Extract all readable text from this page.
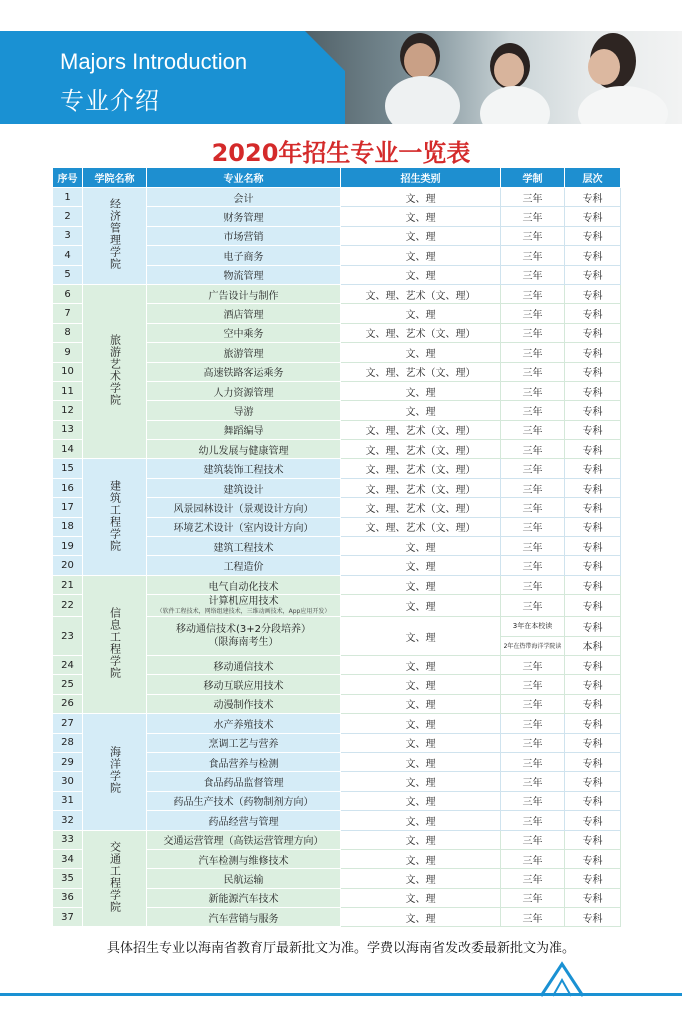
Majors Introduction
专业介绍
2020年招生专业一览表
序号	学院名称	专业名称	招生类别	学制	层次
1	经济管理学院	会计	文、理	三年	专科
2		财务管理	文、理	三年	专科
3		市场营销	文、理	三年	专科
4		电子商务	文、理	三年	专科
5		物流管理	文、理	三年	专科
6	旅游艺术学院	广告设计与制作	文、理、艺术（文、理）	三年	专科
7		酒店管理	文、理	三年	专科
8		空中乘务	文、理、艺术（文、理）	三年	专科
9		旅游管理	文、理	三年	专科
10		高速铁路客运乘务	文、理、艺术（文、理）	三年	专科
11		人力资源管理	文、理	三年	专科
12		导游	文、理	三年	专科
13		舞蹈编导	文、理、艺术（文、理）	三年	专科
14		幼儿发展与健康管理	文、理、艺术（文、理）	三年	专科
15	建筑工程学院	建筑装饰工程技术	文、理、艺术（文、理）	三年	专科
16		建筑设计	文、理、艺术（文、理）	三年	专科
17		风景园林设计（景观设计方向）	文、理、艺术（文、理）	三年	专科
18		环境艺术设计（室内设计方向）	文、理、艺术（文、理）	三年	专科
19		建筑工程技术	文、理	三年	专科
20		工程造价	文、理	三年	专科
21	信息工程学院	电气自动化技术	文、理	三年	专科
22		计算机应用技术
（软件工程技术，网络组建技术，三维动画技术，App应用开发）	文、理	三年	专科
23		移动通信技术(3+2分段培养）
（限海南考生）	文、理	3年在本校读	专科
				2年在热带海洋学院读	本科
24		移动通信技术	文、理	三年	专科
25		移动互联应用技术	文、理	三年	专科
26		动漫制作技术	文、理	三年	专科
27	海洋学院	水产养殖技术	文、理	三年	专科
28		烹调工艺与营养	文、理	三年	专科
29		食品营养与检测	文、理	三年	专科
30		食品药品监督管理	文、理	三年	专科
31		药品生产技术（药物制剂方向）	文、理	三年	专科
32		药品经营与管理	文、理	三年	专科
33	交通工程学院	交通运营管理（高铁运营管理方向）	文、理	三年	专科
34		汽车检测与维修技术	文、理	三年	专科
35		民航运输	文、理	三年	专科
36		新能源汽车技术	文、理	三年	专科
37		汽车营销与服务	文、理	三年	专科
具体招生专业以海南省教育厅最新批文为准。学费以海南省发改委最新批文为准。
